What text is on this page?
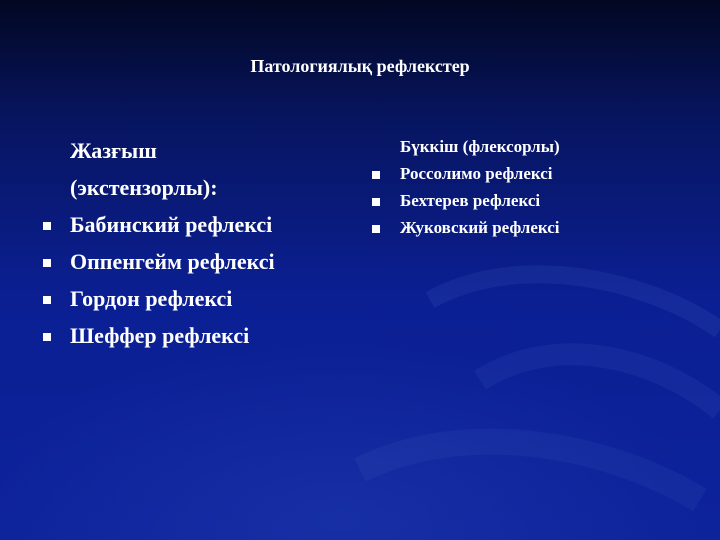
Патологиялық рефлекстер
Жазғыш
(экстензорлы):
Бабинский рефлексі
Оппенгейм рефлексі
Гордон рефлексі
Шеффер рефлексі
Бүккіш (флексорлы)
Россолимо рефлексі
Бехтерев рефлексі
Жуковский рефлексі
